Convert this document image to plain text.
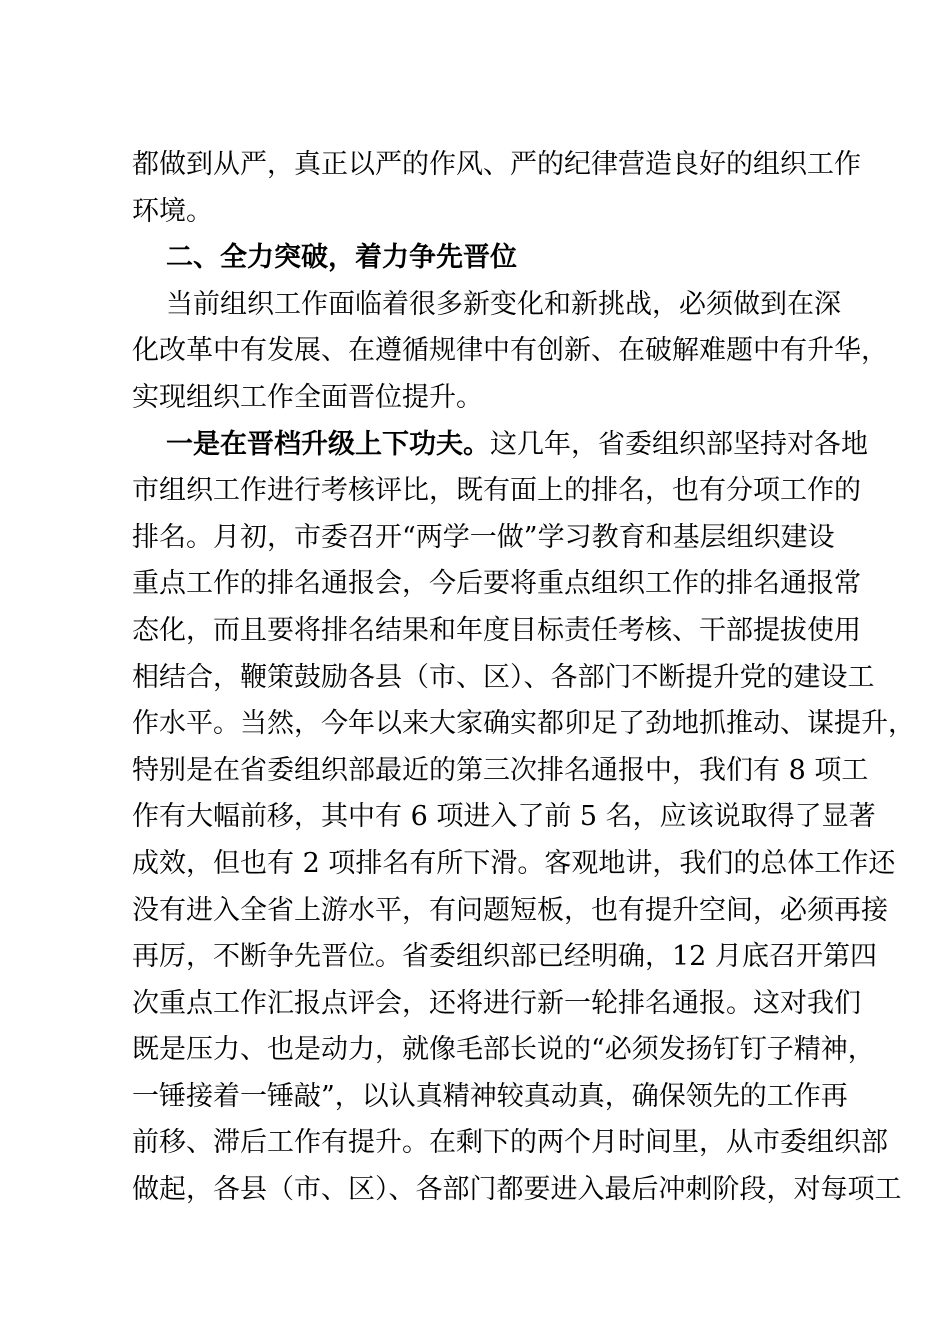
都做到从严，真正以严的作风、严的纪律营造良好的组织工作
环境。
二、全力突破，着力争先晋位
当前组织工作面临着很多新变化和新挑战，必须做到在深
化改革中有发展、在遵循规律中有创新、在破解难题中有升华，
实现组织工作全面晋位提升。
一是在晋档升级上下功夫。这几年，省委组织部坚持对各地
市组织工作进行考核评比，既有面上的排名，也有分项工作的
排名。月初，市委召开“两学一做”学习教育和基层组织建设
重点工作的排名通报会，今后要将重点组织工作的排名通报常
态化，而且要将排名结果和年度目标责任考核、干部提拔使用
相结合，鞭策鼓励各县（市、区）、各部门不断提升党的建设工
作水平。当然，今年以来大家确实都卯足了劲地抓推动、谋提升，
特别是在省委组织部最近的第三次排名通报中，我们有 8 项工
作有大幅前移，其中有 6 项进入了前 5 名，应该说取得了显著
成效，但也有 2 项排名有所下滑。客观地讲，我们的总体工作还
没有进入全省上游水平，有问题短板，也有提升空间，必须再接
再厉，不断争先晋位。省委组织部已经明确，12 月底召开第四
次重点工作汇报点评会，还将进行新一轮排名通报。这对我们
既是压力、也是动力，就像毛部长说的“必须发扬钉钉子精神，
一锤接着一锤敲”，以认真精神较真动真，确保领先的工作再
前移、滞后工作有提升。在剩下的两个月时间里，从市委组织部
做起，各县（市、区）、各部门都要进入最后冲刺阶段，对每项工
